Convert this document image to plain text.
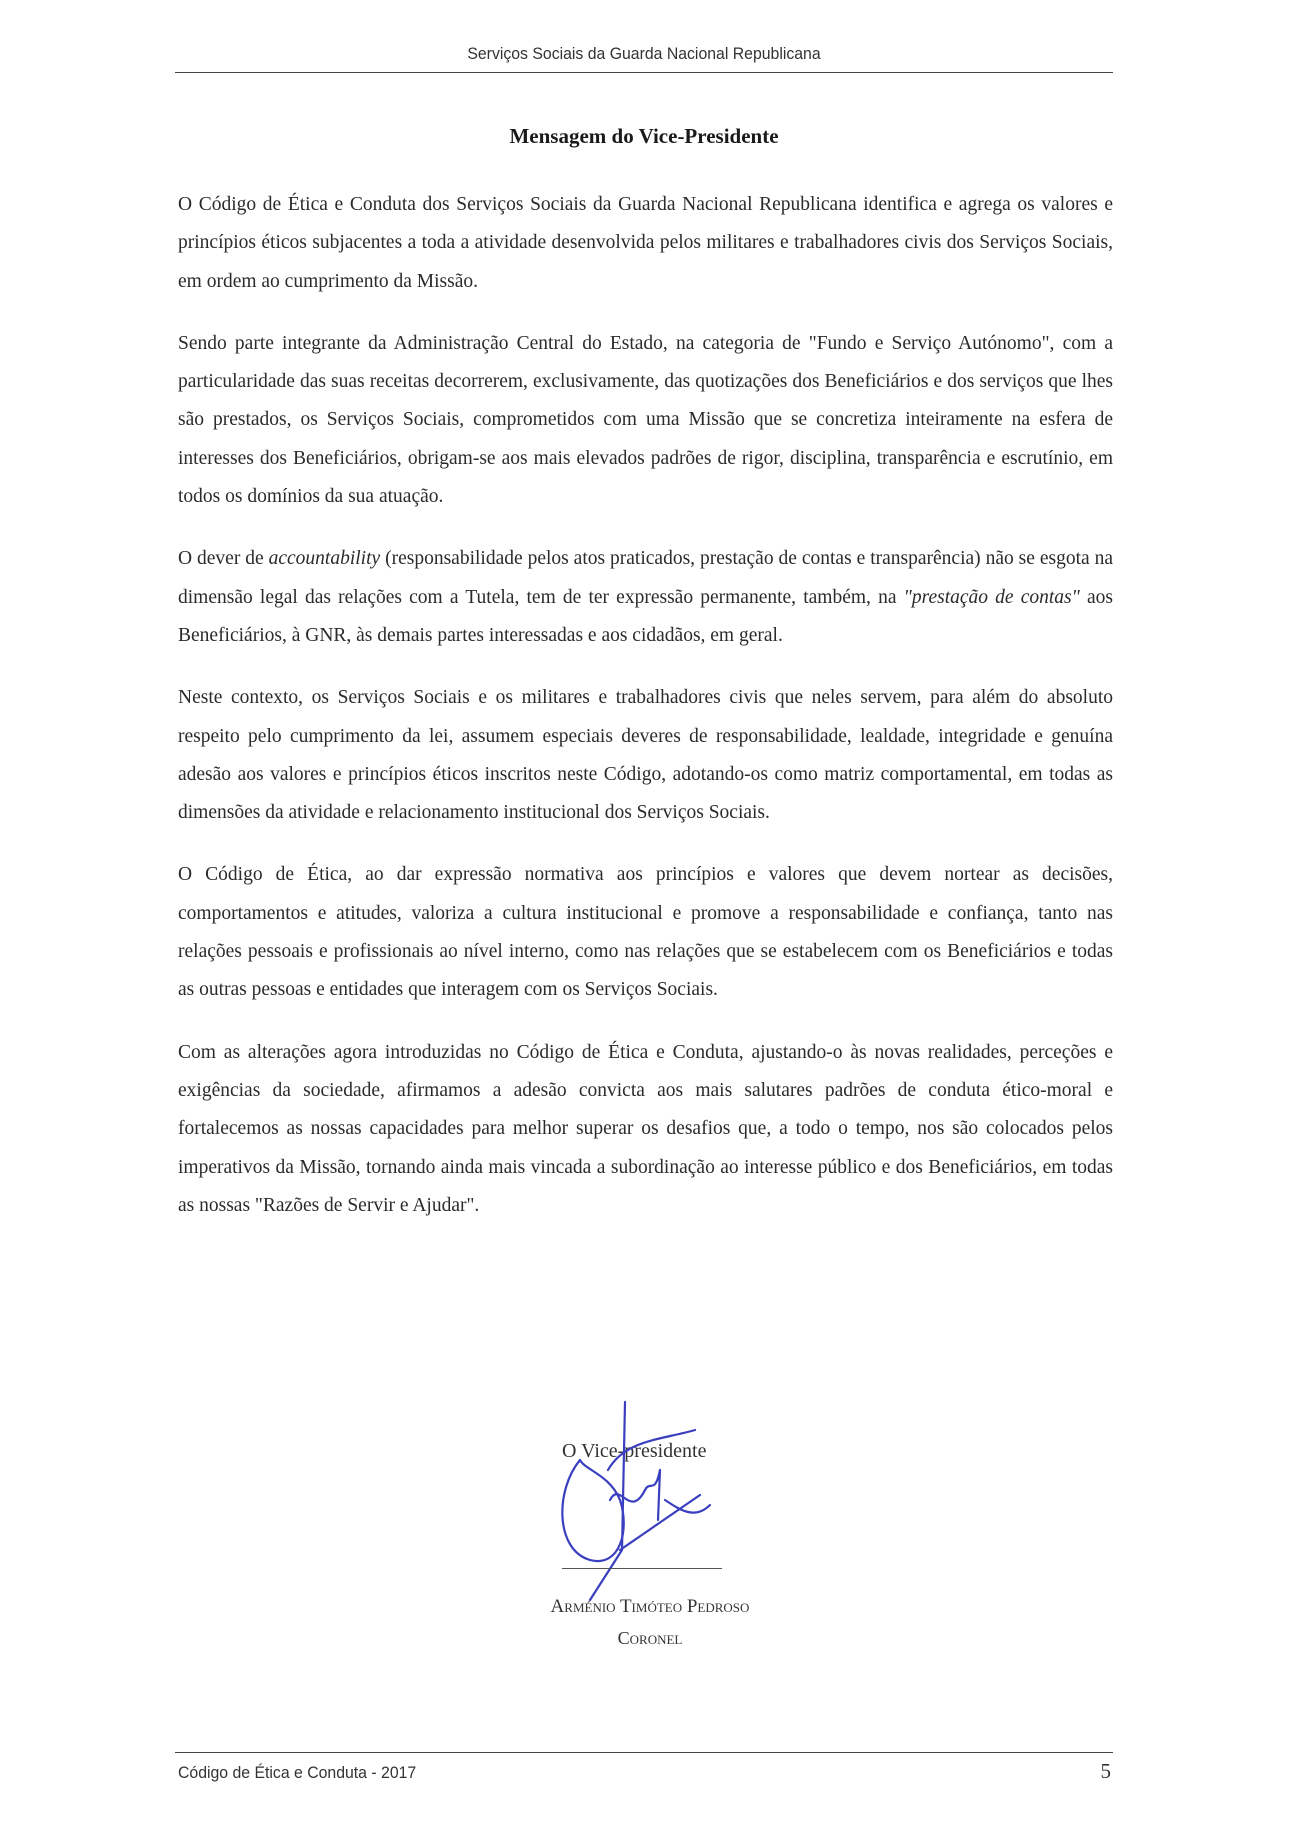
Serviços Sociais da Guarda Nacional Republicana
Mensagem do Vice-Presidente

O Código de Ética e Conduta dos Serviços Sociais da Guarda Nacional Republicana identifica e agrega os valores e princípios éticos subjacentes a toda a atividade desenvolvida pelos militares e trabalhadores civis dos Serviços Sociais, em ordem ao cumprimento da Missão.

Sendo parte integrante da Administração Central do Estado, na categoria de "Fundo e Serviço Autónomo", com a particularidade das suas receitas decorrerem, exclusivamente, das quotizações dos Beneficiários e dos serviços que lhes são prestados, os Serviços Sociais, comprometidos com uma Missão que se concretiza inteiramente na esfera de interesses dos Beneficiários, obrigam-se aos mais elevados padrões de rigor, disciplina, transparência e escrutínio, em todos os domínios da sua atuação.

O dever de accountability (responsabilidade pelos atos praticados, prestação de contas e transparência) não se esgota na dimensão legal das relações com a Tutela, tem de ter expressão permanente, também, na "prestação de contas" aos Beneficiários, à GNR, às demais partes interessadas e aos cidadãos, em geral.

Neste contexto, os Serviços Sociais e os militares e trabalhadores civis que neles servem, para além do absoluto respeito pelo cumprimento da lei, assumem especiais deveres de responsabilidade, lealdade, integridade e genuína adesão aos valores e princípios éticos inscritos neste Código, adotando-os como matriz comportamental, em todas as dimensões da atividade e relacionamento institucional dos Serviços Sociais.

O Código de Ética, ao dar expressão normativa aos princípios e valores que devem nortear as decisões, comportamentos e atitudes, valoriza a cultura institucional e promove a responsabilidade e confiança, tanto nas relações pessoais e profissionais ao nível interno, como nas relações que se estabelecem com os Beneficiários e todas as outras pessoas e entidades que interagem com os Serviços Sociais.

Com as alterações agora introduzidas no Código de Ética e Conduta, ajustando-o às novas realidades, perceções e exigências da sociedade, afirmamos a adesão convicta aos mais salutares padrões de conduta ético-moral e fortalecemos as nossas capacidades para melhor superar os desafios que, a todo o tempo, nos são colocados pelos imperativos da Missão, tornando ainda mais vincada a subordinação ao interesse público e dos Beneficiários, em todas as nossas "Razões de Servir e Ajudar".

O Vice-presidente
Arménio Timóteo Pedroso
Coronel
Código de Ética e Conduta - 2017	5
